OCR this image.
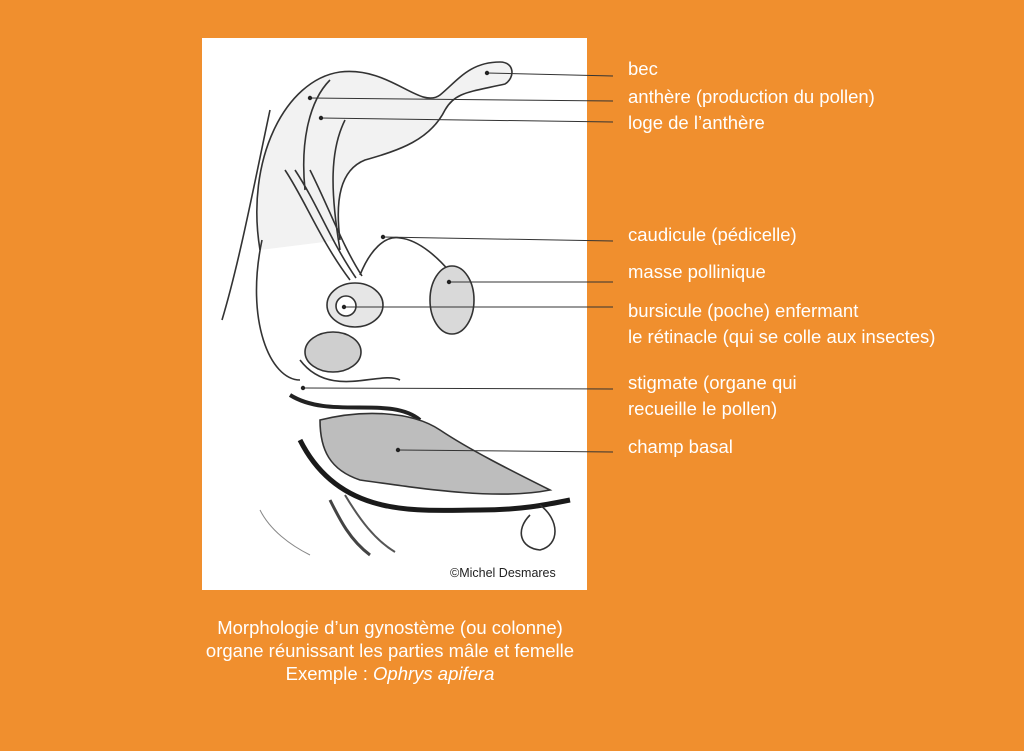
©Michel Desmares
bec
anthère (production du pollen)
loge de l’anthère
caudicule (pédicelle)
masse pollinique
bursicule (poche) enfermant
le rétinacle (qui se colle aux insectes)
stigmate (organe qui
recueille le pollen)
champ basal
Morphologie d’un gynostème (ou colonne)
organe réunissant les parties mâle et femelle
Exemple : Ophrys apifera
